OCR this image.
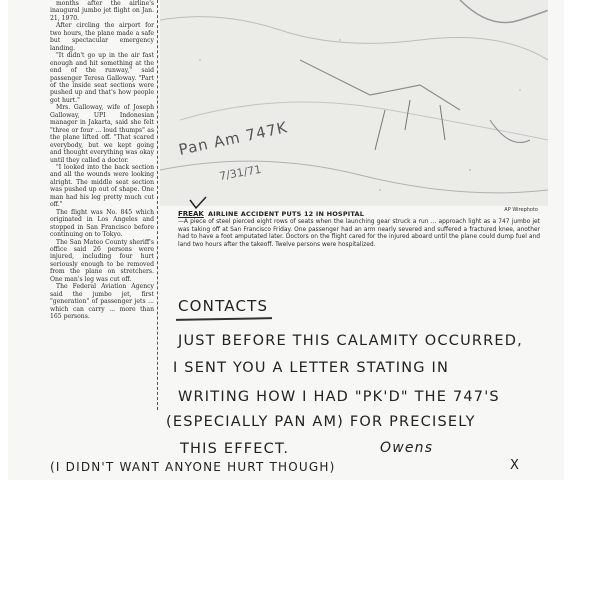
months after the airline's inaugural jumbo jet flight on Jan. 21, 1970.

After circling the airport for two hours, the plane made a safe but spectacular emergency landing.

"It didn't go up in the air fast enough and hit something at the end of the runway," said passenger Teresa Galloway. "Part of the inside seat sections were pushed up and that's how people got hurt."

Mrs. Galloway, wife of Joseph Galloway, UPI Indonesian manager in Jakarta, said she felt "three or four ... loud thumps" as the plane lifted off. "That scared everybody, but we kept going and thought everything was okay until they called a doctor.

"I looked into the back section and all the wounds were looking alright. The middle seat section was pushed up out of shape. One man had his leg pretty much cut off."

The flight was No. 845 which originated in Los Angeles and stopped in San Francisco before continuing on to Tokyo.

The San Mateo County sheriff's office said 26 persons were injured, including four hurt seriously enough to be removed from the plane on stretchers. One man's leg was cut off.

The Federal Aviation Agency said the jumbo jet, first "generation" of passenger jets ... which can carry ... more than 165 persons.

Pan Am 747K
7/31/71
FREAK AIRLINE ACCIDENT PUTS 12 IN HOSPITAL	AP Wirephoto
—A piece of steel pierced eight rows of seats when the launching gear struck a run ... approach light as a 747 jumbo jet was taking off at San Francisco Friday. One passenger had an arm nearly severed and suffered a fractured knee, another had to have a foot amputated later. Doctors on the flight cared for the injured aboard until the plane could dump fuel and land two hours after the takeoff. Twelve persons were hospitalized.
CONTACTS
JUST BEFORE THIS CALAMITY OCCURRED,
I SENT YOU A LETTER STATING IN
WRITING HOW I HAD "PK'D" THE 747'S
(ESPECIALLY PAN AM) FOR PRECISELY
THIS EFFECT.
(I DIDN'T WANT ANYONE HURT THOUGH)
Owens
X
